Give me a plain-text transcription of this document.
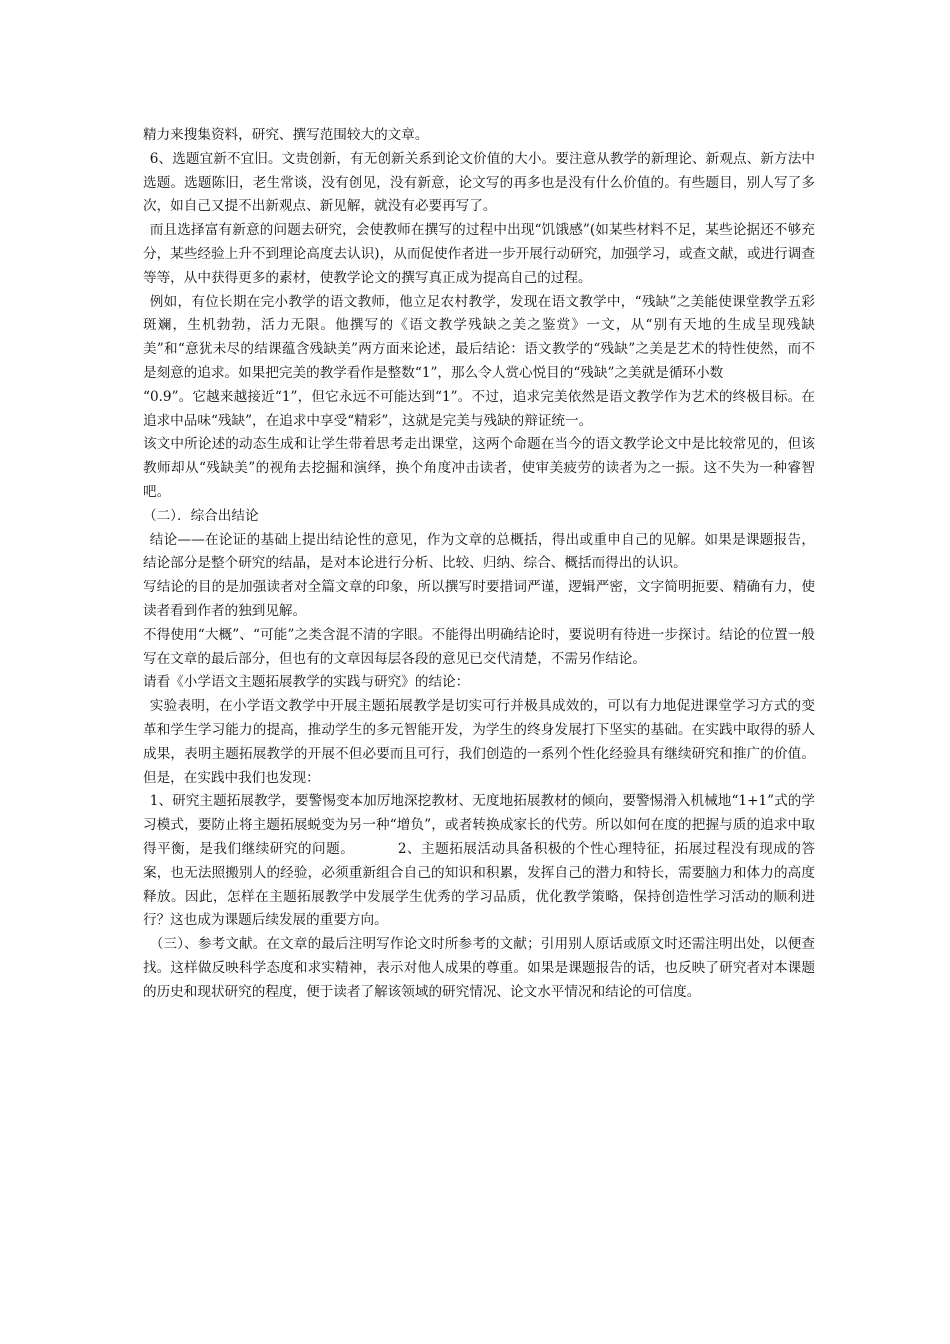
精力来搜集资料，研究、撰写范围较大的文章。

6、选题宜新不宜旧。文贵创新，有无创新关系到论文价值的大小。要注意从教学的新理论、新观点、新方法中选题。选题陈旧，老生常谈，没有创见，没有新意，论文写的再多也是没有什么价值的。有些题目，别人写了多次，如自己又提不出新观点、新见解，就没有必要再写了。

而且选择富有新意的问题去研究，会使教师在撰写的过程中出现“饥饿感”(如某些材料不足，某些论据还不够充分，某些经验上升不到理论高度去认识)，从而促使作者进一步开展行动研究，加强学习，或查文献，或进行调查等等，从中获得更多的素材，使教学论文的撰写真正成为提高自己的过程。

例如，有位长期在完小教学的语文教师，他立足农村教学，发现在语文教学中，“残缺”之美能使课堂教学五彩斑斓，生机勃勃，活力无限。他撰写的《语文教学残缺之美之鉴赏》一文，从“别有天地的生成呈现残缺美”和“意犹未尽的结课蕴含残缺美”两方面来论述，最后结论：语文教学的“残缺”之美是艺术的特性使然，而不是刻意的追求。如果把完美的教学看作是整数“1”，那么令人赏心悦目的“残缺”之美就是循环小数

“0.9”。它越来越接近“1”，但它永远不可能达到“1”。不过，追求完美依然是语文教学作为艺术的终极目标。在追求中品味“残缺”，在追求中享受“精彩”，这就是完美与残缺的辩证统一。

该文中所论述的动态生成和让学生带着思考走出课堂，这两个命题在当今的语文教学论文中是比较常见的，但该教师却从“残缺美”的视角去挖掘和演绎，换个角度冲击读者，使审美疲劳的读者为之一振。这不失为一种睿智吧。

（二）．综合出结论

结论——在论证的基础上提出结论性的意见，作为文章的总概括，得出或重申自己的见解。如果是课题报告，结论部分是整个研究的结晶，是对本论进行分析、比较、归纳、综合、概括而得出的认识。

写结论的目的是加强读者对全篇文章的印象，所以撰写时要措词严谨，逻辑严密，文字简明扼要、精确有力，使读者看到作者的独到见解。

不得使用“大概”、“可能”之类含混不清的字眼。不能得出明确结论时，要说明有待进一步探讨。结论的位置一般写在文章的最后部分，但也有的文章因每层各段的意见已交代清楚，不需另作结论。

请看《小学语文主题拓展教学的实践与研究》的结论：

实验表明，在小学语文教学中开展主题拓展教学是切实可行并极具成效的，可以有力地促进课堂学习方式的变革和学生学习能力的提高，推动学生的多元智能开发，为学生的终身发展打下坚实的基础。在实践中取得的骄人成果，表明主题拓展教学的开展不但必要而且可行，我们创造的一系列个性化经验具有继续研究和推广的价值。但是，在实践中我们也发现：

1、研究主题拓展教学，要警惕变本加厉地深挖教材、无度地拓展教材的倾向，要警惕滑入机械地“1+1”式的学习模式，要防止将主题拓展蜕变为另一种“增负”，或者转换成家长的代劳。所以如何在度的把握与质的追求中取得平衡，是我们继续研究的问题。	2、主题拓展活动具备积极的个性心理特征，拓展过程没有现成的答案，也无法照搬别人的经验，必须重新组合自己的知识和积累，发挥自己的潜力和特长，需要脑力和体力的高度释放。因此，怎样在主题拓展教学中发展学生优秀的学习品质，优化教学策略，保持创造性学习活动的顺利进行？这也成为课题后续发展的重要方向。

（三）、参考文献。在文章的最后注明写作论文时所参考的文献；引用别人原话或原文时还需注明出处，以便查找。这样做反映科学态度和求实精神，表示对他人成果的尊重。如果是课题报告的话，也反映了研究者对本课题的历史和现状研究的程度，便于读者了解该领域的研究情况、论文水平情况和结论的可信度。
